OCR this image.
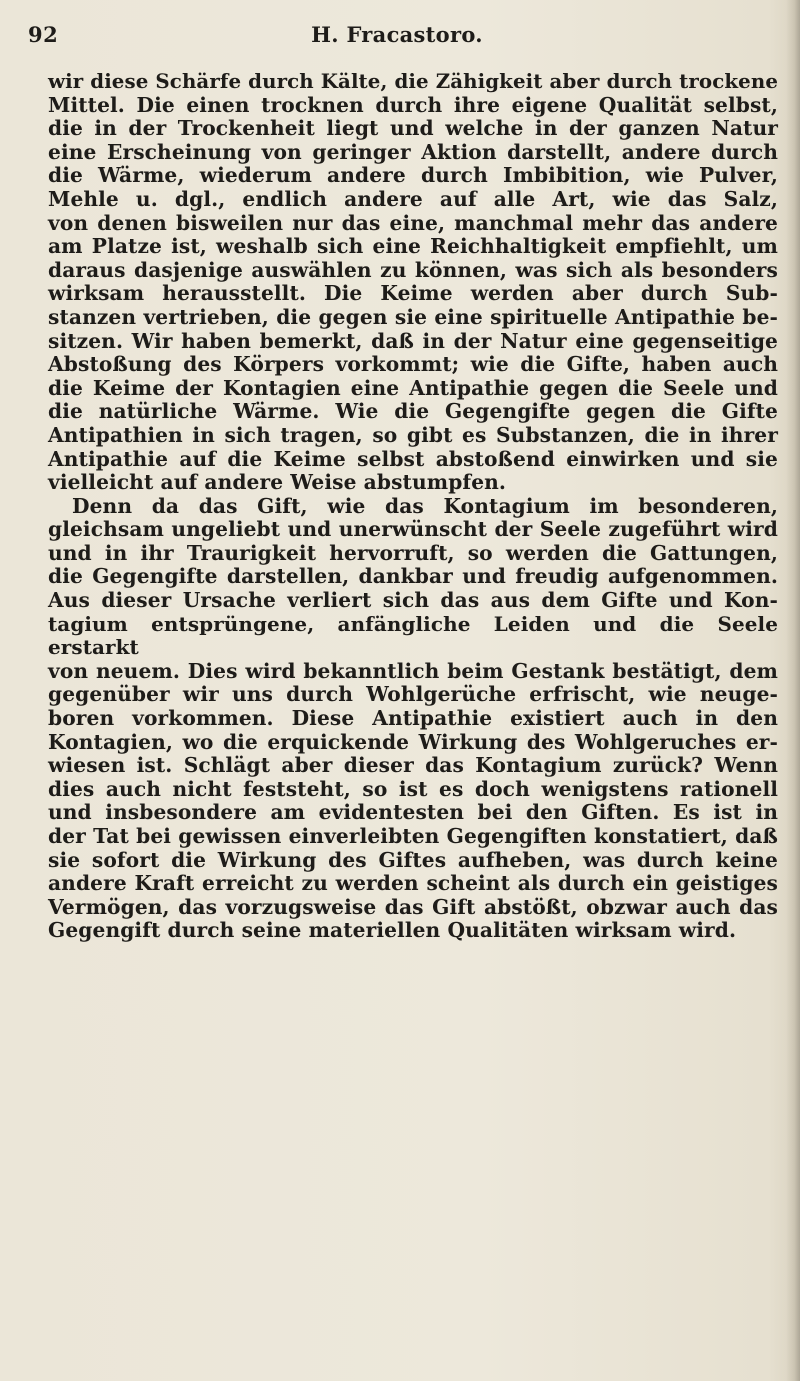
92	H. Fracastoro.

wir diese Schärfe durch Kälte, die Zähigkeit aber durch trockene
Mittel. Die einen trocknen durch ihre eigene Qualität selbst,
die in der Trockenheit liegt und welche in der ganzen Natur
eine Erscheinung von geringer Aktion darstellt, andere durch
die Wärme, wiederum andere durch Imbibition, wie Pulver,
Mehle u. dgl., endlich andere auf alle Art, wie das Salz,
von denen bisweilen nur das eine, manchmal mehr das andere
am Platze ist, weshalb sich eine Reichhaltigkeit empfiehlt, um
daraus dasjenige auswählen zu können, was sich als besonders
wirksam herausstellt. Die Keime werden aber durch Sub-
stanzen vertrieben, die gegen sie eine spirituelle Antipathie be-
sitzen. Wir haben bemerkt, daß in der Natur eine gegenseitige
Abstoßung des Körpers vorkommt; wie die Gifte, haben auch
die Keime der Kontagien eine Antipathie gegen die Seele und
die natürliche Wärme. Wie die Gegengifte gegen die Gifte
Antipathien in sich tragen, so gibt es Substanzen, die in ihrer
Antipathie auf die Keime selbst abstoßend einwirken und sie
vielleicht auf andere Weise abstumpfen.

Denn da das Gift, wie das Kontagium im besonderen,
gleichsam ungeliebt und unerwünscht der Seele zugeführt wird
und in ihr Traurigkeit hervorruft, so werden die Gattungen,
die Gegengifte darstellen, dankbar und freudig aufgenommen.
Aus dieser Ursache verliert sich das aus dem Gifte und Kon-
tagium entsprüngene, anfängliche Leiden und die Seele erstarkt
von neuem. Dies wird bekanntlich beim Gestank bestätigt, dem
gegenüber wir uns durch Wohlgerüche erfrischt, wie neuge-
boren vorkommen. Diese Antipathie existiert auch in den
Kontagien, wo die erquickende Wirkung des Wohlgeruches er-
wiesen ist. Schlägt aber dieser das Kontagium zurück? Wenn
dies auch nicht feststeht, so ist es doch wenigstens rationell
und insbesondere am evidentesten bei den Giften. Es ist in
der Tat bei gewissen einverleibten Gegengiften konstatiert, daß
sie sofort die Wirkung des Giftes aufheben, was durch keine
andere Kraft erreicht zu werden scheint als durch ein geistiges
Vermögen, das vorzugsweise das Gift abstößt, obzwar auch das
Gegengift durch seine materiellen Qualitäten wirksam wird.
